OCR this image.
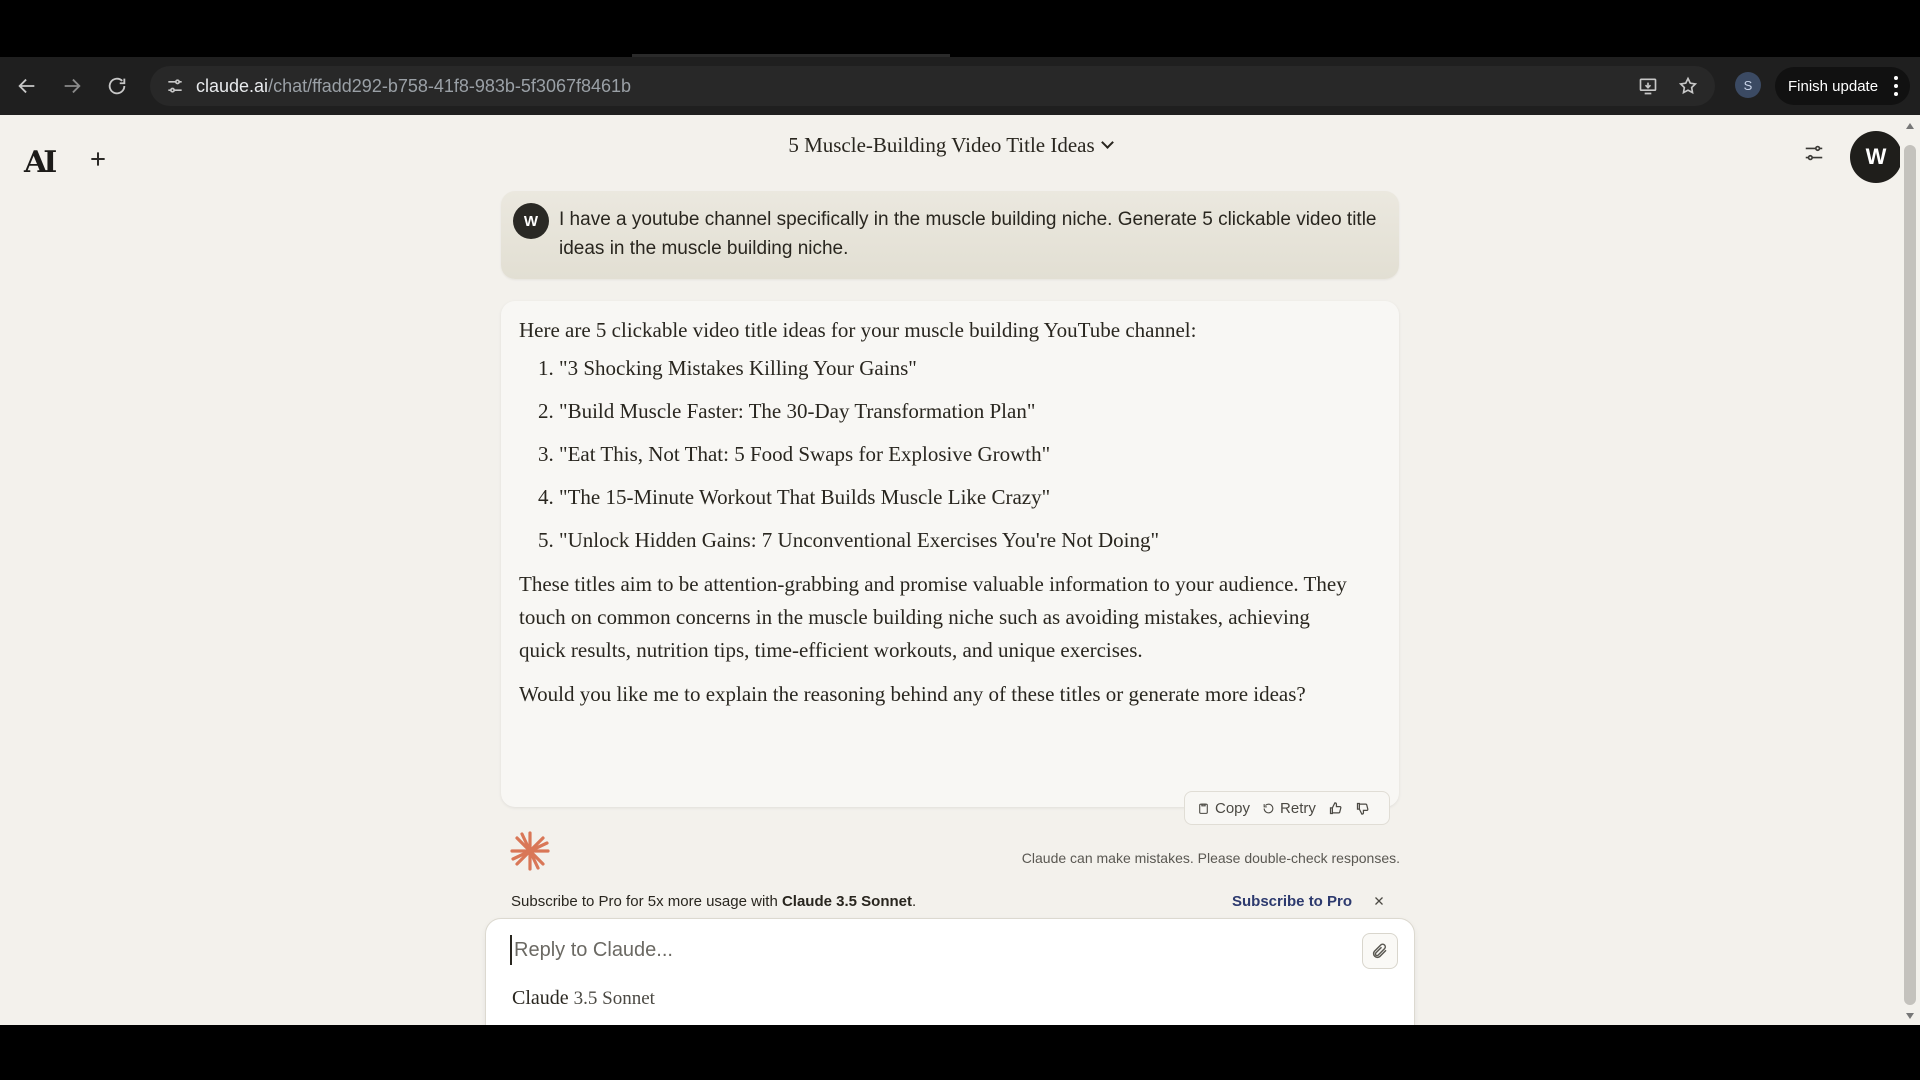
claude.ai/chat/ffadd292-b758-41f8-983b-5f3067f8461b	S	Finish update
AI	5 Muscle-Building Video Title Ideas	W
W	I have a youtube channel specifically in the muscle building niche. Generate 5 clickable video title ideas in the muscle building niche.
Here are 5 clickable video title ideas for your muscle building YouTube channel:
1. "3 Shocking Mistakes Killing Your Gains"
2. "Build Muscle Faster: The 30-Day Transformation Plan"
3. "Eat This, Not That: 5 Food Swaps for Explosive Growth"
4. "The 15-Minute Workout That Builds Muscle Like Crazy"
5. "Unlock Hidden Gains: 7 Unconventional Exercises You're Not Doing"
These titles aim to be attention-grabbing and promise valuable information to your audience. They touch on common concerns in the muscle building niche such as avoiding mistakes, achieving quick results, nutrition tips, time-efficient workouts, and unique exercises.
Would you like me to explain the reasoning behind any of these titles or generate more ideas?
Copy Retry
Claude can make mistakes. Please double-check responses.
Subscribe to Pro for 5x more usage with Claude 3.5 Sonnet.	Subscribe to Pro
Reply to Claude...
Claude 3.5 Sonnet
